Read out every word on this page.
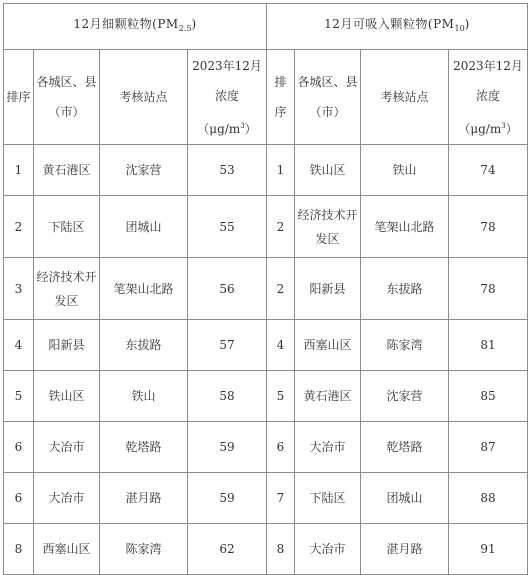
12月细颗粒物$(PM_{2.5})$				12月可吸入颗粒物$(PM_{10})$			
排序	各城区、县（市）	考核站点	2023年12月浓度$(\mu g/m^3)$	排序	各城区、县（市）	考核站点	2023年12月浓度$(\mu g/m^3)$
1	黄石港区	沈家营	53	1	铁山区	铁山	74
2	下陆区	团城山	55	2	经济技术开发区	笔架山北路	78
3	经济技术开发区	笔架山北路	56	2	阳新县	东拔路	78
4	阳新县	东拔路	57	4	西塞山区	陈家湾	81
5	铁山区	铁山	58	5	黄石港区	沈家营	85
6	大冶市	乾塔路	59	6	大冶市	乾塔路	87
6	大冶市	湛月路	59	7	下陆区	团城山	88
8	西塞山区	陈家湾	62	8	大冶市	湛月路	91
